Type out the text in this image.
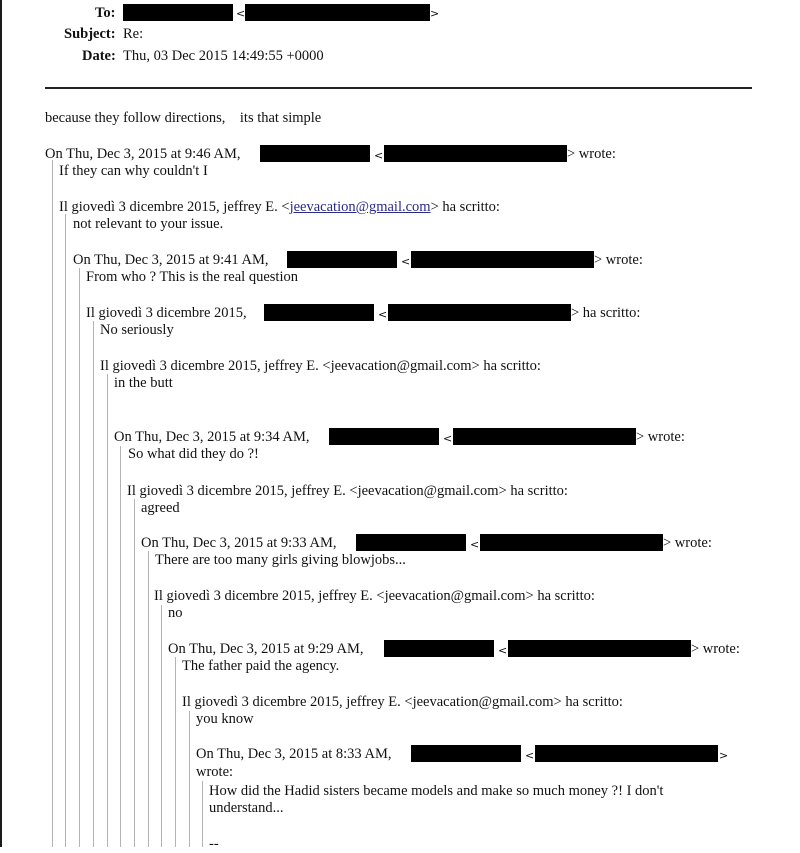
To:	<	>
Subject: Re:
Date: Thu, 03 Dec 2015 14:49:55 +0000
because they follow directions,    its that simple
On Thu, Dec 3, 2015 at 9:46 AM,	<	> wrote:
If they can why couldn't I
Il giovedì 3 dicembre 2015, jeffrey E. <jeevacation@gmail.com> ha scritto:
not relevant to your issue.
On Thu, Dec 3, 2015 at 9:41 AM,	<	> wrote:
From who ? This is the real question
Il giovedì 3 dicembre 2015,	<	> ha scritto:
No seriously
Il giovedì 3 dicembre 2015, jeffrey E. <jeevacation@gmail.com> ha scritto:
in the butt
On Thu, Dec 3, 2015 at 9:34 AM,	<	> wrote:
So what did they do ?!
Il giovedì 3 dicembre 2015, jeffrey E. <jeevacation@gmail.com> ha scritto:
agreed
On Thu, Dec 3, 2015 at 9:33 AM,	<	> wrote:
There are too many girls giving blowjobs...
Il giovedì 3 dicembre 2015, jeffrey E. <jeevacation@gmail.com> ha scritto:
no
On Thu, Dec 3, 2015 at 9:29 AM,	<	> wrote:
The father paid the agency.
Il giovedì 3 dicembre 2015, jeffrey E. <jeevacation@gmail.com> ha scritto:
you know
On Thu, Dec 3, 2015 at 8:33 AM,	<	>
wrote:
How did the Hadid sisters became models and make so much money ?! I don't
understand...
--
